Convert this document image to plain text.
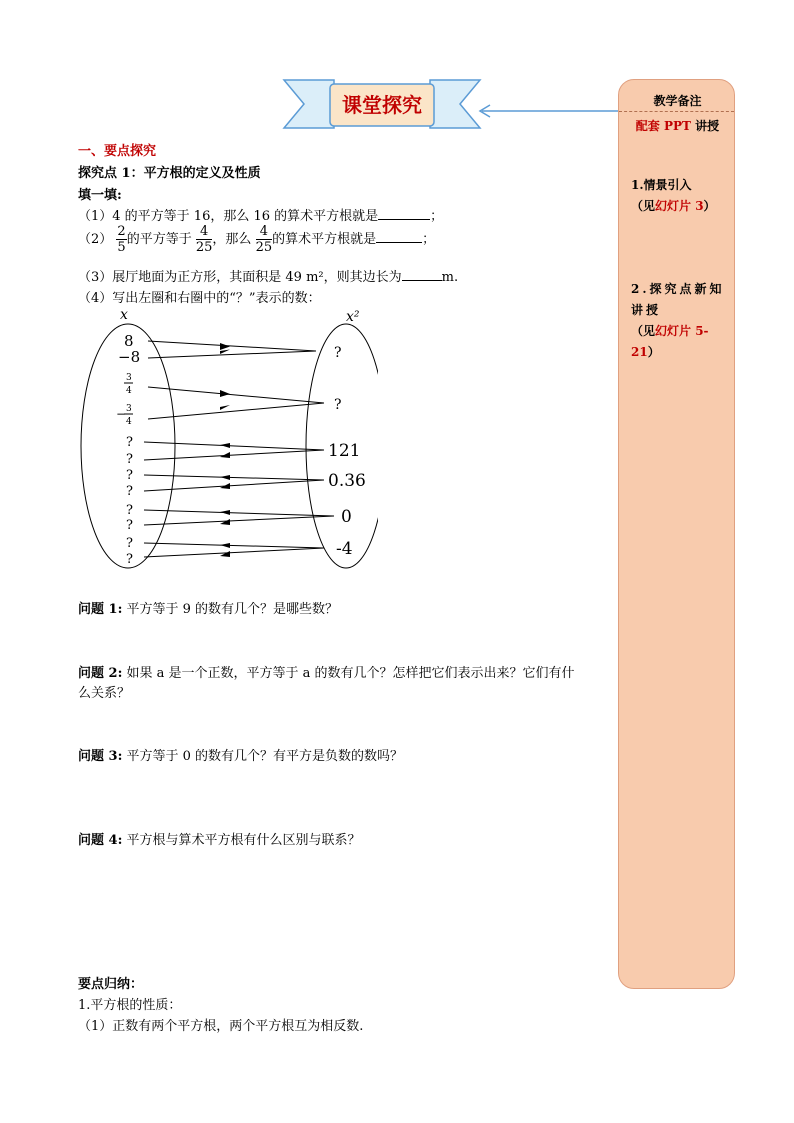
课堂探究	教学备注
配套 PPT 讲授
1.情景引入
（见幻灯片 3）
2.探究点新知讲授
（见幻灯片 5-21）
一、要点探究
探究点 1：平方根的定义及性质
填一填:
（1）4 的平方等于 16，那么 16 的算术平方根就是	；
$(2) \frac{2}{5}$ 的平方等于 $\frac{4}{25}$ ，那么 $\frac{4}{25}$ 的算术平方根就是	；
（3）展厅地面为正方形，其面积是 49 m²，则其边长为	m.
（4）写出左圈和右圈中的“？”表示的数：
x	x²
8
−8
3
4
− 3
4
?
?
?
?
?
?
?
?
?
?
121
0.36
0
-4
问题 1: 平方等于 9 的数有几个？是哪些数？
问题 2: 如果 a 是一个正数，平方等于 a 的数有几个？怎样把它们表示出来？它们有什
么关系？
问题 3: 平方等于 0 的数有几个？有平方是负数的数吗？
问题 4: 平方根与算术平方根有什么区别与联系？
要点归纳：
1.平方根的性质：
（1）正数有两个平方根，两个平方根互为相反数.
